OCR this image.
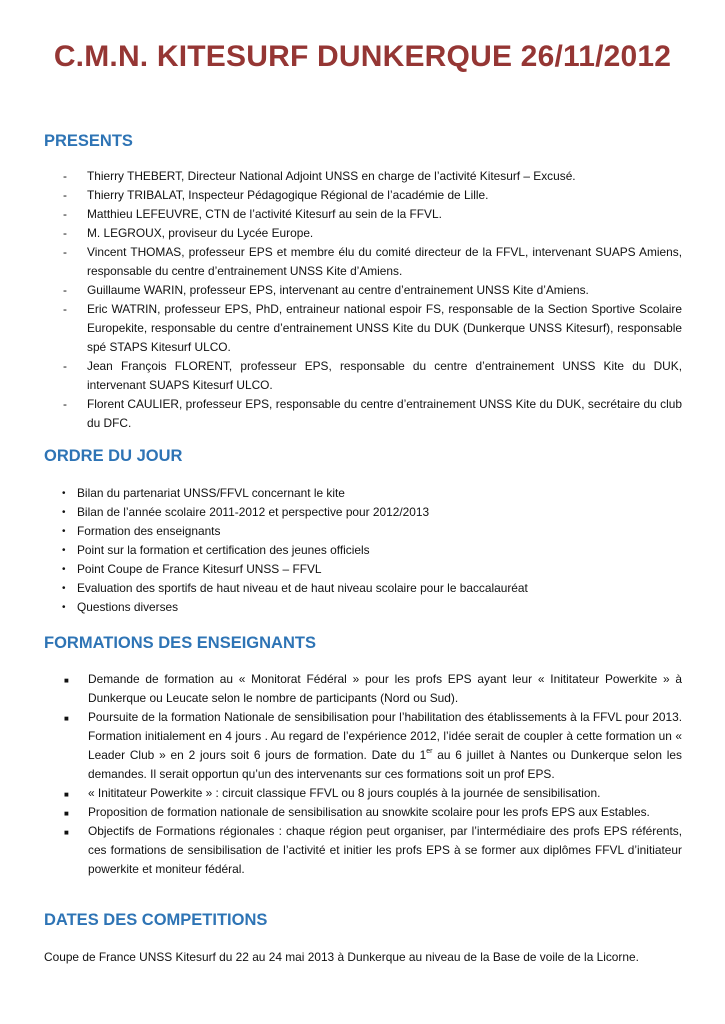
C.M.N. KITESURF DUNKERQUE 26/11/2012
PRESENTS
- Thierry THEBERT, Directeur National Adjoint UNSS en charge de l’activité Kitesurf – Excusé.
- Thierry TRIBALAT, Inspecteur Pédagogique Régional de l’académie de Lille.
- Matthieu LEFEUVRE, CTN de l’activité Kitesurf au sein de la FFVL.
- M. LEGROUX, proviseur du Lycée Europe.
- Vincent THOMAS, professeur EPS et membre élu du comité directeur de la FFVL, intervenant SUAPS Amiens, responsable du centre d’entrainement UNSS Kite d’Amiens.
- Guillaume WARIN, professeur EPS, intervenant au centre d’entrainement UNSS Kite d’Amiens.
- Eric WATRIN, professeur EPS, PhD, entraineur national espoir FS, responsable de la Section Sportive Scolaire Europekite, responsable du centre d’entrainement UNSS Kite du DUK (Dunkerque UNSS Kitesurf), responsable spé STAPS Kitesurf ULCO.
- Jean François FLORENT, professeur EPS, responsable du centre d’entrainement UNSS Kite du DUK, intervenant SUAPS Kitesurf ULCO.
- Florent CAULIER, professeur EPS, responsable du centre d’entrainement UNSS Kite du DUK, secrétaire du club du DFC.
ORDRE DU JOUR
• Bilan du partenariat UNSS/FFVL concernant le kite
• Bilan de l’année scolaire 2011-2012 et perspective pour 2012/2013
• Formation des enseignants
• Point sur la formation et certification des jeunes officiels
• Point Coupe de France Kitesurf UNSS – FFVL
• Evaluation des sportifs de haut niveau et de haut niveau scolaire pour le baccalauréat
• Questions diverses
FORMATIONS DES ENSEIGNANTS
■ Demande de formation au « Monitorat Fédéral » pour les profs EPS ayant leur « Inititateur Powerkite » à Dunkerque ou Leucate selon le nombre de participants (Nord ou Sud).
■ Poursuite de la formation Nationale de sensibilisation pour l’habilitation des établissements à la FFVL pour 2013. Formation initialement en 4 jours . Au regard de l’expérience 2012, l’idée serait de coupler à cette formation un « Leader Club » en 2 jours soit 6 jours de formation. Date du 1er au 6 juillet à Nantes ou Dunkerque selon les demandes. Il serait opportun qu’un des intervenants sur ces formations soit un prof EPS.
■ « Inititateur Powerkite » : circuit classique FFVL ou 8 jours couplés à la journée de sensibilisation.
■ Proposition de formation nationale de sensibilisation au snowkite scolaire pour les profs EPS aux Estables.
■ Objectifs de Formations régionales : chaque région peut organiser, par l’intermédiaire des profs EPS référents, ces formations de sensibilisation de l’activité et initier les profs EPS à se former aux diplômes FFVL d’initiateur powerkite et moniteur fédéral.
DATES DES COMPETITIONS
Coupe de France UNSS Kitesurf du 22 au 24 mai 2013 à Dunkerque au niveau de la Base de voile de la Licorne.
